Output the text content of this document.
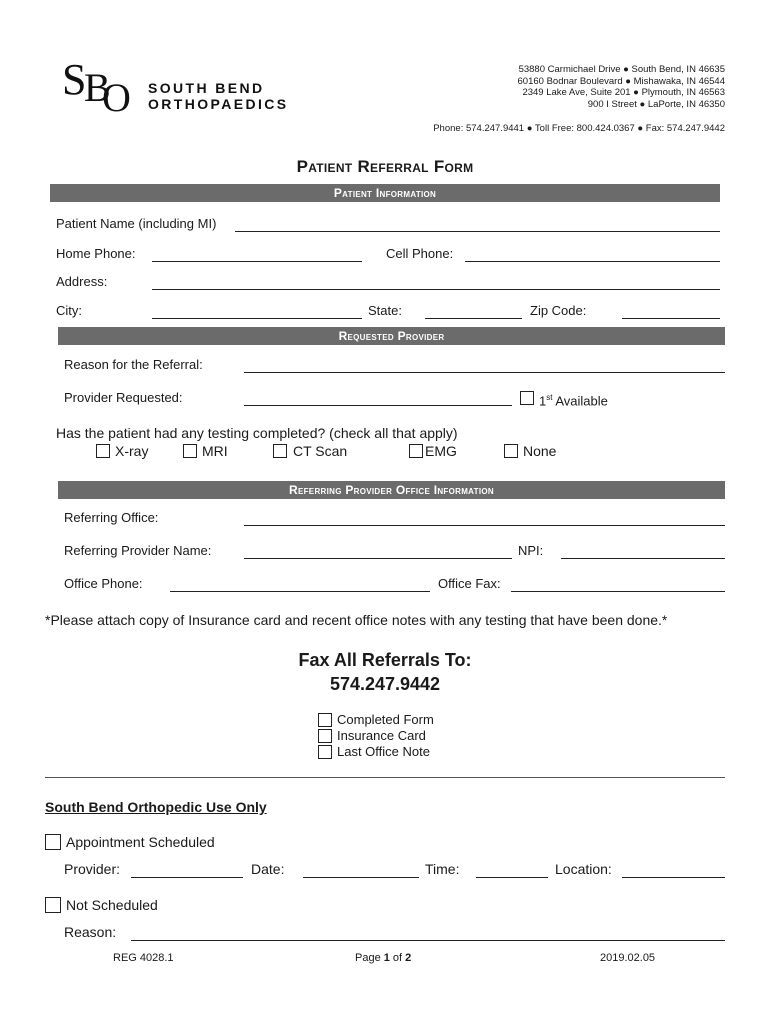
S
B
O SOUTH BEND
ORTHOPAEDICS
53880 Carmichael Drive ● South Bend, IN 46635
60160 Bodnar Boulevard ● Mishawaka, IN 46544
2349 Lake Ave, Suite 201 ● Plymouth, IN 46563
900 I Street ● LaPorte, IN 46350
Phone: 574.247.9441 ● Toll Free: 800.424.0367 ● Fax: 574.247.9442
Patient Referral Form
Patient Information
Patient Name (including MI)
Home Phone:	Cell Phone:
Address:
City:	State:	Zip Code:
Requested Provider
Reason for the Referral:
Provider Requested:	1st Available
Has the patient had any testing completed? (check all that apply)
X-ray	MRI	CT Scan	EMG	None
Referring Provider Office Information
Referring Office:
Referring Provider Name:	NPI:
Office Phone:	Office Fax:
*Please attach copy of Insurance card and recent office notes with any testing that have been done.*
Fax All Referrals To:
574.247.9442
Completed Form
Insurance Card
Last Office Note
South Bend Orthopedic Use Only
Appointment Scheduled
Provider:	Date:	Time:	Location:
Not Scheduled
Reason:
REG 4028.1	Page 1 of 2	2019.02.05
